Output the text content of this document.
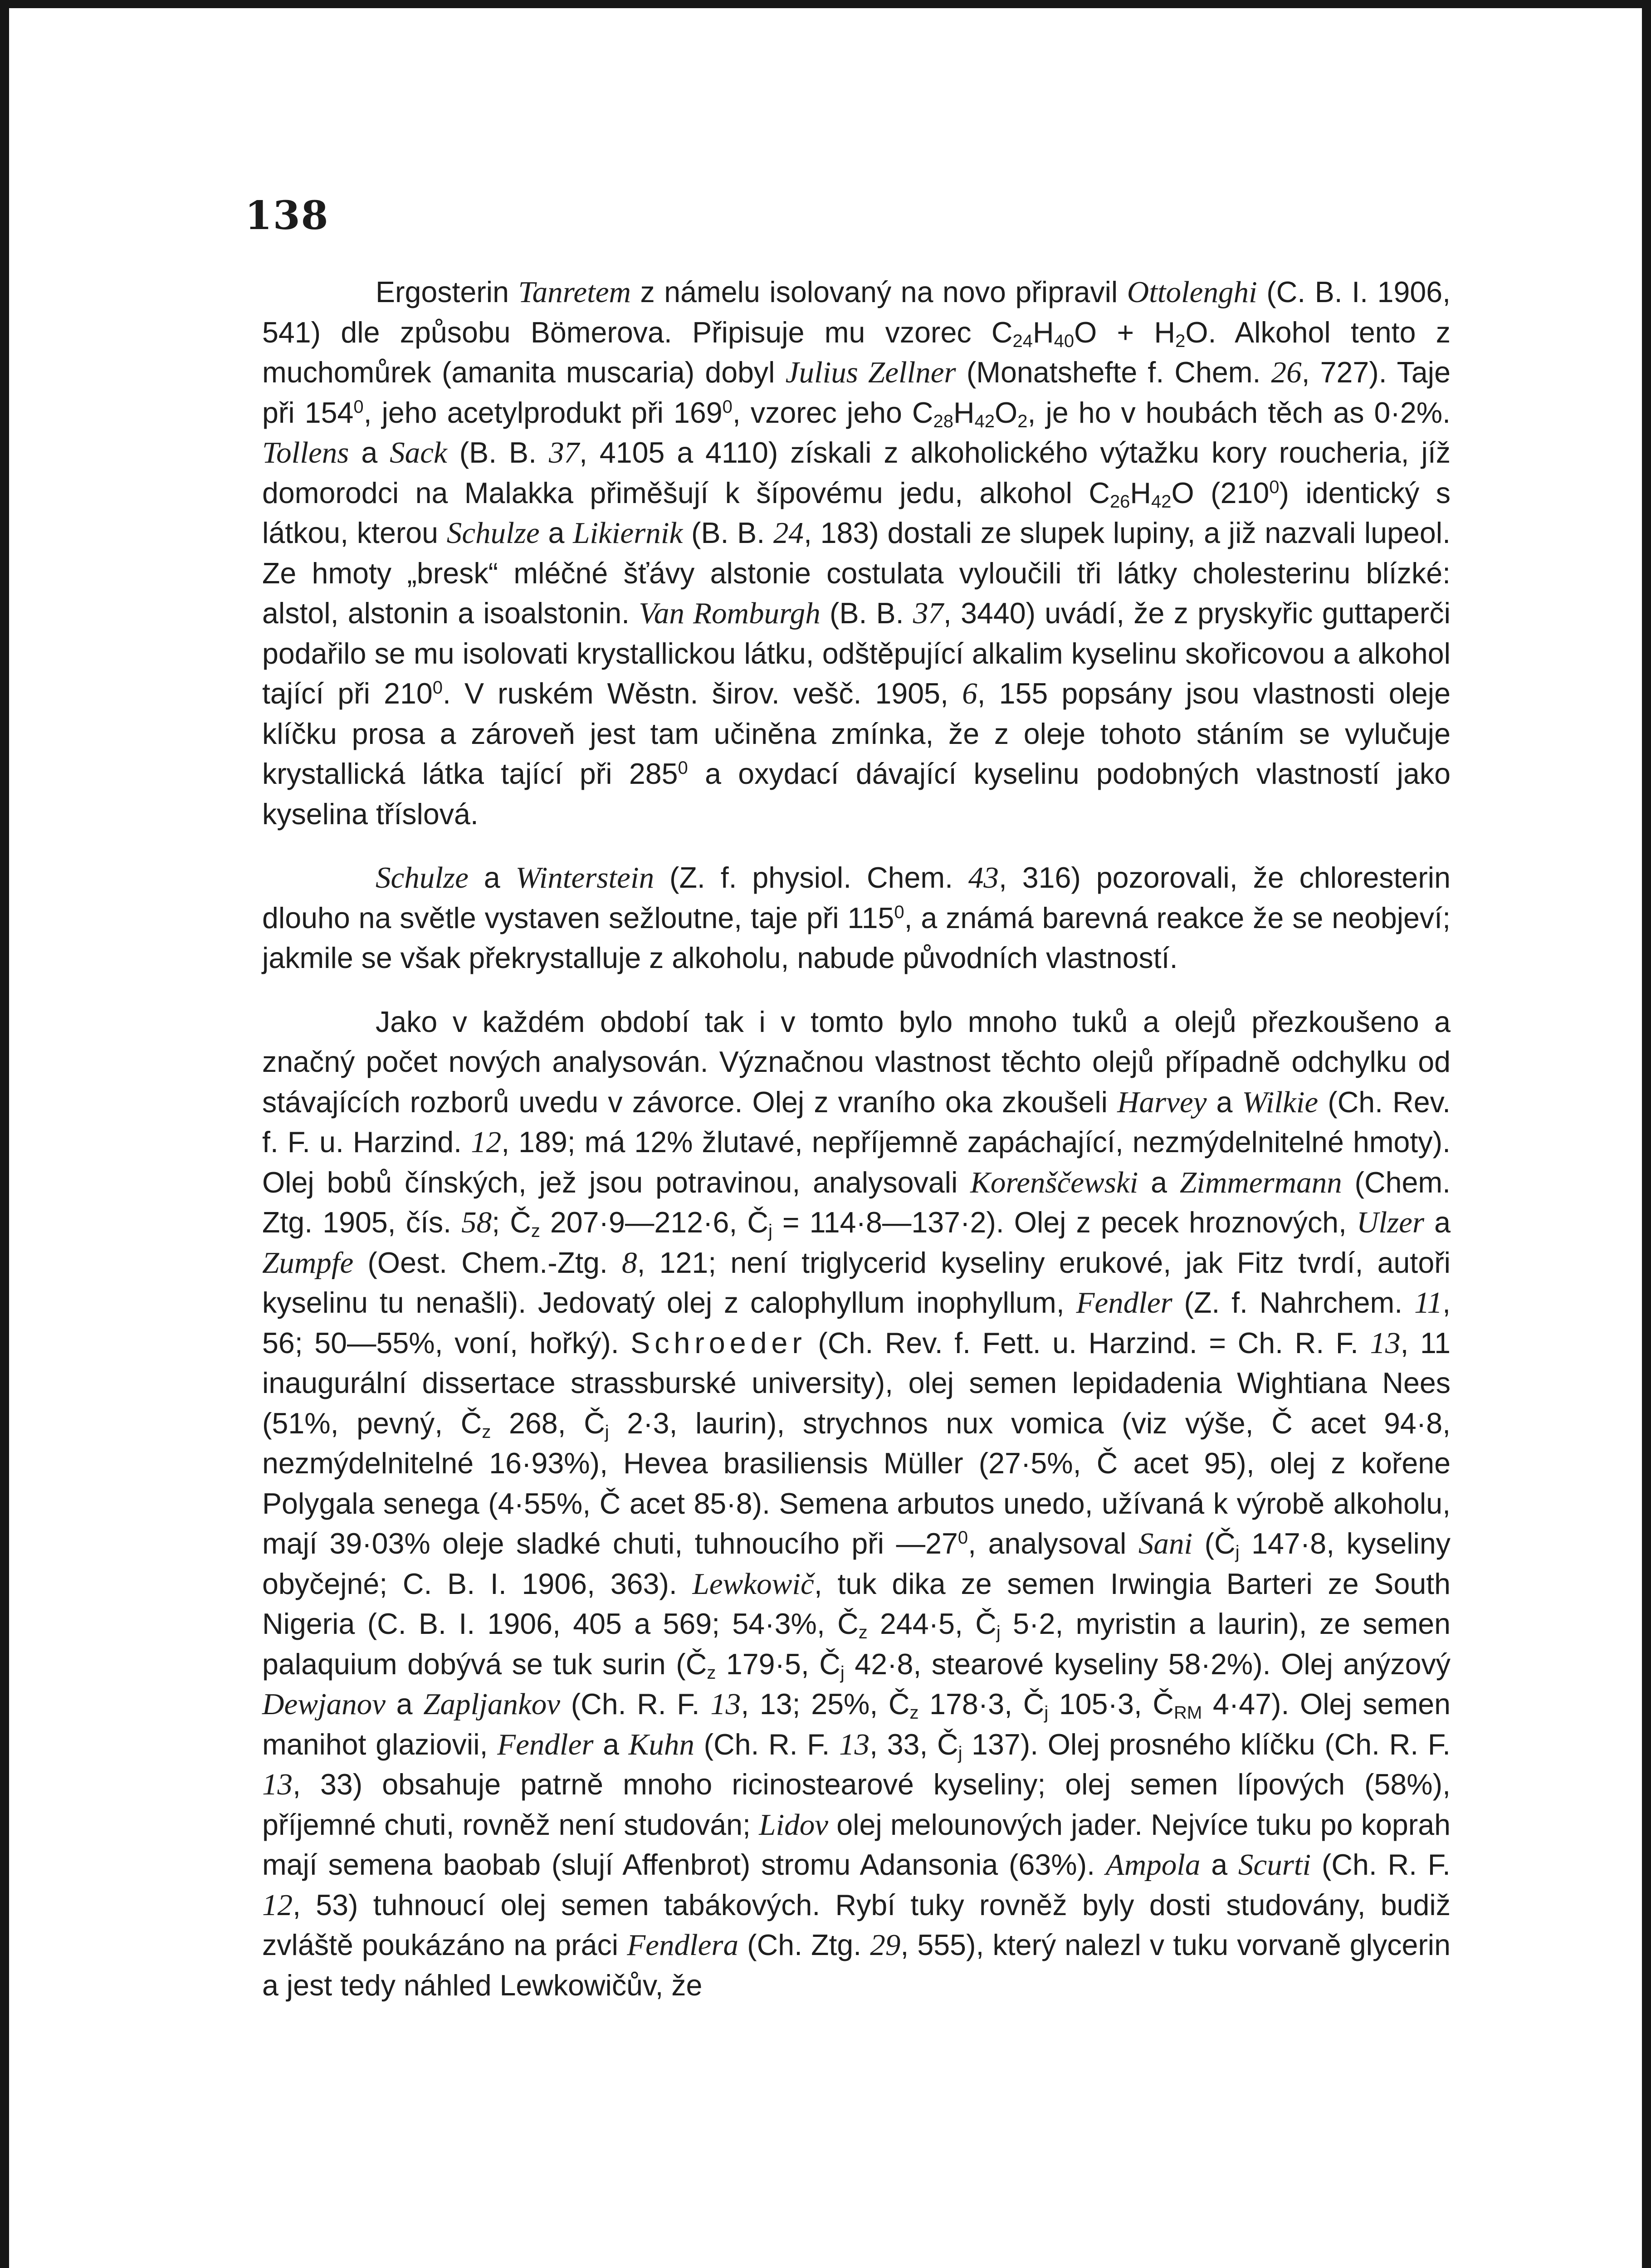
138

Ergosterin Tanretem z námelu isolovaný na novo připravil Ottolenghi (C. B. I. 1906, 541) dle způsobu Bömerova. Připisuje mu vzorec $C_{24}H_{40}O + H_2O$. Alkohol tento z muchomůrek (amanita muscaria) dobyl Julius Zellner (Monatshefte f. Chem. 26, 727). Taje při $154^0$, jeho acetylprodukt při $169^0$, vzorec jeho $C_{28}H_{42}O_2$, je ho v houbách těch as 0·2%. Tollens a Sack (B. B. 37, 4105 a 4110) získali z alkoholického výtažku kory roucheria, jíž domorodci na Malakka přiměšují k šípovému jedu, alkohol $C_{26}H_{42}O$ $(210^0)$ identický s látkou, kterou Schulze a Likiernik (B. B. 24, 183) dostali ze slupek lupiny, a již nazvali lupeol. Ze hmoty „bresk“ mléčné šťávy alstonie costulata vyloučili tři látky cholesterinu blízké: alstol, alstonin a isoalstonin. Van Romburgh (B. B. 37, 3440) uvádí, že z pryskyřic guttaperči podařilo se mu isolovati krystallickou látku, odštěpující alkalim kyselinu skořicovou a alkohol tající při $210^0$. V ruském Wěstn. širov. vešč. 1905, 6, 155 popsány jsou vlastnosti oleje klíčku prosa a zároveň jest tam učiněna zmínka, že z oleje tohoto stáním se vylučuje krystallická látka tající při $285^0$ a oxydací dávající kyselinu podobných vlastností jako kyselina tříslová.

Schulze a Winterstein (Z. f. physiol. Chem. 43, 316) pozorovali, že chloresterin dlouho na světle vystaven sežloutne, taje při $115^0$, a známá barevná reakce že se neobjeví; jakmile se však překrystalluje z alkoholu, nabude původních vlastností.

Jako v každém období tak i v tomto bylo mnoho tuků a olejů přezkoušeno a značný počet nových analysován. Význačnou vlastnost těchto olejů případně odchylku od stávajících rozborů uvedu v závorce. Olej z vraního oka zkoušeli Harvey a Wilkie (Ch. Rev. f. F. u. Harzind. 12, 189; má 12% žlutavé, nepříjemně zapáchající, nezmýdelnitelné hmoty). Olej bobů čínských, jež jsou potravinou, analysovali Korenščewski a Zimmermann (Chem. Ztg. 1905, čís. 58; $Č_z$ 207·9—212·6, $Č_j$ = 114·8—137·2). Olej z pecek hroznových, Ulzer a Zumpfe (Oest. Chem.-Ztg. 8, 121; není triglycerid kyseliny erukové, jak Fitz tvrdí, autoři kyselinu tu nenašli). Jedovatý olej z calophyllum inophyllum, Fendler (Z. f. Nahrchem. 11, 56; 50—55%, voní, hořký). Schroeder (Ch. Rev. f. Fett. u. Harzind. = Ch. R. F. 13, 11 inaugurální dissertace strassburské university), olej semen lepidadenia Wightiana Nees (51%, pevný, $Č_z$ 268, $Č_j$ 2·3, laurin), strychnos nux vomica (viz výše, Č acet 94·8, nezmýdelnitelné 16·93%), Hevea brasiliensis Müller (27·5%, Č acet 95), olej z kořene Polygala senega (4·55%, Č acet 85·8). Semena arbutos unedo, užívaná k výrobě alkoholu, mají 39·03% oleje sladké chuti, tuhnoucího při $—27^0$, analysoval Sani ($Č_j$ 147·8, kyseliny obyčejné; C. B. I. 1906, 363). Lewkowič, tuk dika ze semen Irwingia Barteri ze South Nigeria (C. B. I. 1906, 405 a 569; 54·3%, $Č_z$ 244·5, $Č_j$ 5·2, myristin a laurin), ze semen palaquium dobývá se tuk surin ($Č_z$ 179·5, $Č_j$ 42·8, stearové kyseliny 58·2%). Olej anýzový Dewjanov a Zapljankov (Ch. R. F. 13, 13; 25%, $Č_z$ 178·3, $Č_j$ 105·3, $Č_{RM}$ 4·47). Olej semen manihot glaziovii, Fendler a Kuhn (Ch. R. F. 13, 33, $Č_j$ 137). Olej prosného klíčku (Ch. R. F. 13, 33) obsahuje patrně mnoho ricinostearové kyseliny; olej semen lípových (58%), příjemné chuti, rovněž není studován; Lidov olej melounových jader. Nejvíce tuku po koprah mají semena baobab (slují Affenbrot) stromu Adansonia (63%). Ampola a Scurti (Ch. R. F. 12, 53) tuhnoucí olej semen tabákových. Rybí tuky rovněž byly dosti studovány, budiž zvláště poukázáno na práci Fendlera (Ch. Ztg. 29, 555), který nalezl v tuku vorvaně glycerin a jest tedy náhled Lewkowičův, že
